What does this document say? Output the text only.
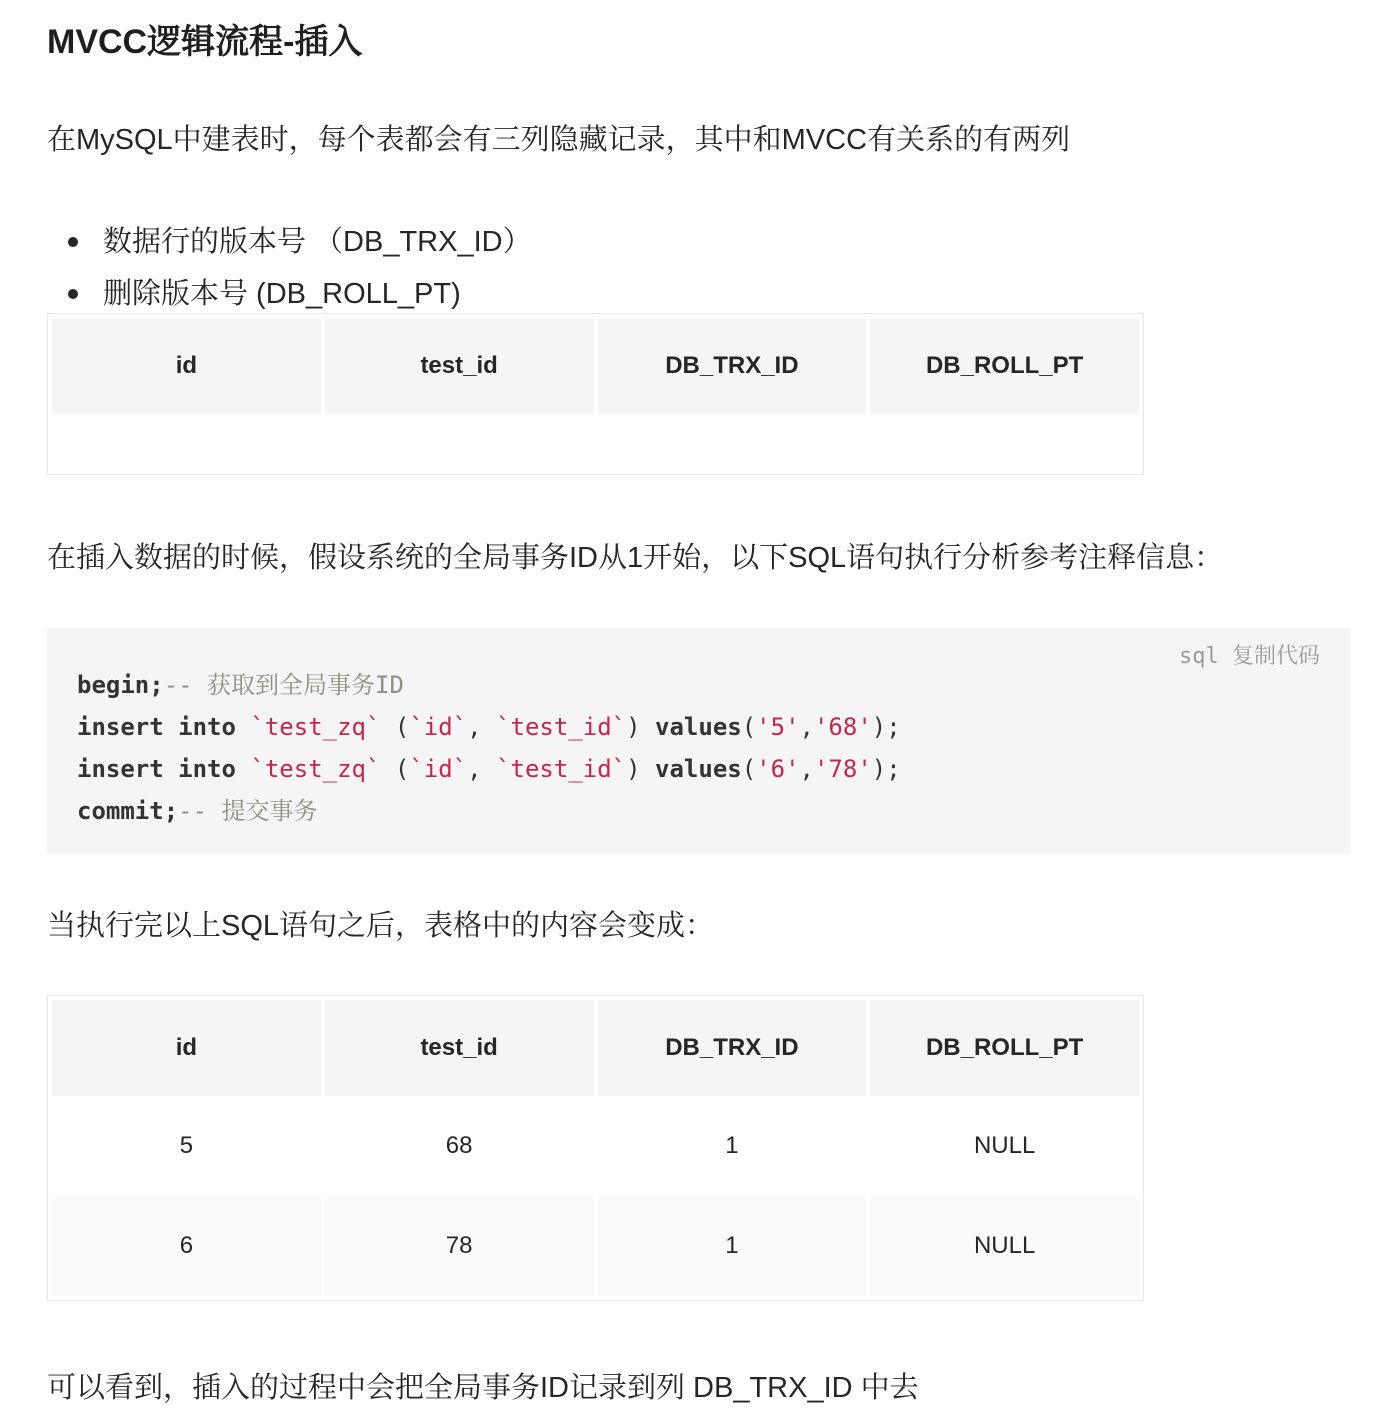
MVCC逻辑流程-插入

在MySQL中建表时，每个表都会有三列隐藏记录，其中和MVCC有关系的有两列

数据行的版本号 （DB_TRX_ID）
删除版本号 (DB_ROLL_PT)
id	test_id	DB_TRX_ID	DB_ROLL_PT

在插入数据的时候，假设系统的全局事务ID从1开始，以下SQL语句执行分析参考注释信息：

sql 复制代码
begin;-- 获取到全局事务ID
insert into `test_zq` (`id`, `test_id`) values('5','68');
insert into `test_zq` (`id`, `test_id`) values('6','78');
commit;-- 提交事务

当执行完以上SQL语句之后，表格中的内容会变成：

id	test_id	DB_TRX_ID	DB_ROLL_PT
5	68	1	NULL
6	78	1	NULL

可以看到，插入的过程中会把全局事务ID记录到列 DB_TRX_ID 中去
